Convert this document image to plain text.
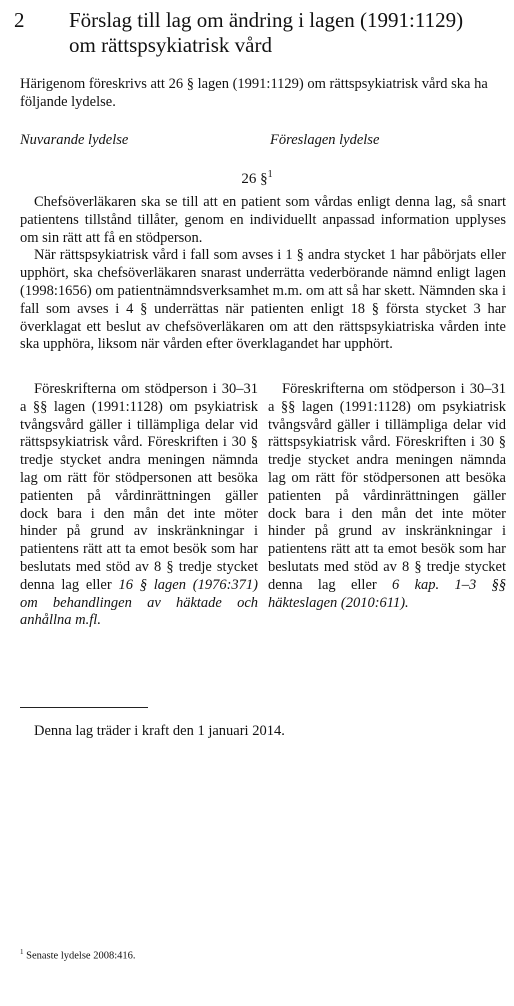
2 Förslag till lag om ändring i lagen (1991:1129)
om rättspsykiatrisk vård
Härigenom föreskrivs att 26 § lagen (1991:1129) om rättspsykiatrisk vård ska ha följande lydelse.
Nuvarande lydelse	Föreslagen lydelse
26 §$^1$

Chefsöverläkaren ska se till att en patient som vårdas enligt denna lag, så snart patientens tillstånd tillåter, genom en individuellt anpassad information upplyses om sin rätt att få en stödperson.

När rättspsykiatrisk vård i fall som avses i 1 § andra stycket 1 har påbörjats eller upphört, ska chefsöverläkaren snarast underrätta vederbörande nämnd enligt lagen (1998:1656) om patientnämndsverksamhet m.m. om att så har skett. Nämnden ska i fall som avses i 4 § underrättas när patienten enligt 18 § första stycket 3 har överklagat ett beslut av chefsöverläkaren om att den rättspsykiatriska vården inte ska upphöra, liksom när vården efter överklagandet har upphört.

Föreskrifterna om stödperson i 30–31 a §§ lagen (1991:1128) om psykiatrisk tvångsvård gäller i tillämpliga delar vid rättspsykiatrisk vård. Föreskriften i 30 § tredje stycket andra meningen nämnda lag om rätt för stödpersonen att besöka patienten på vårdinrättningen gäller dock bara i den mån det inte möter hinder på grund av inskränkningar i patientens rätt att ta emot besök som har beslutats med stöd av 8 § tredje stycket denna lag eller 16 § lagen (1976:371) om behandlingen av häktade och anhållna m.fl.

Föreskrifterna om stödperson i 30–31 a §§ lagen (1991:1128) om psykiatrisk tvångsvård gäller i tillämpliga delar vid rättspsykiatrisk vård. Föreskriften i 30 § tredje stycket andra meningen nämnda lag om rätt för stödpersonen att besöka patienten på vårdinrättningen gäller dock bara i den mån det inte möter hinder på grund av inskränkningar i patientens rätt att ta emot besök som har beslutats med stöd av 8 § tredje stycket denna lag eller 6 kap. 1–3 §§ häkteslagen (2010:611).

Denna lag träder i kraft den 1 januari 2014.
$^1$ Senaste lydelse 2008:416.
